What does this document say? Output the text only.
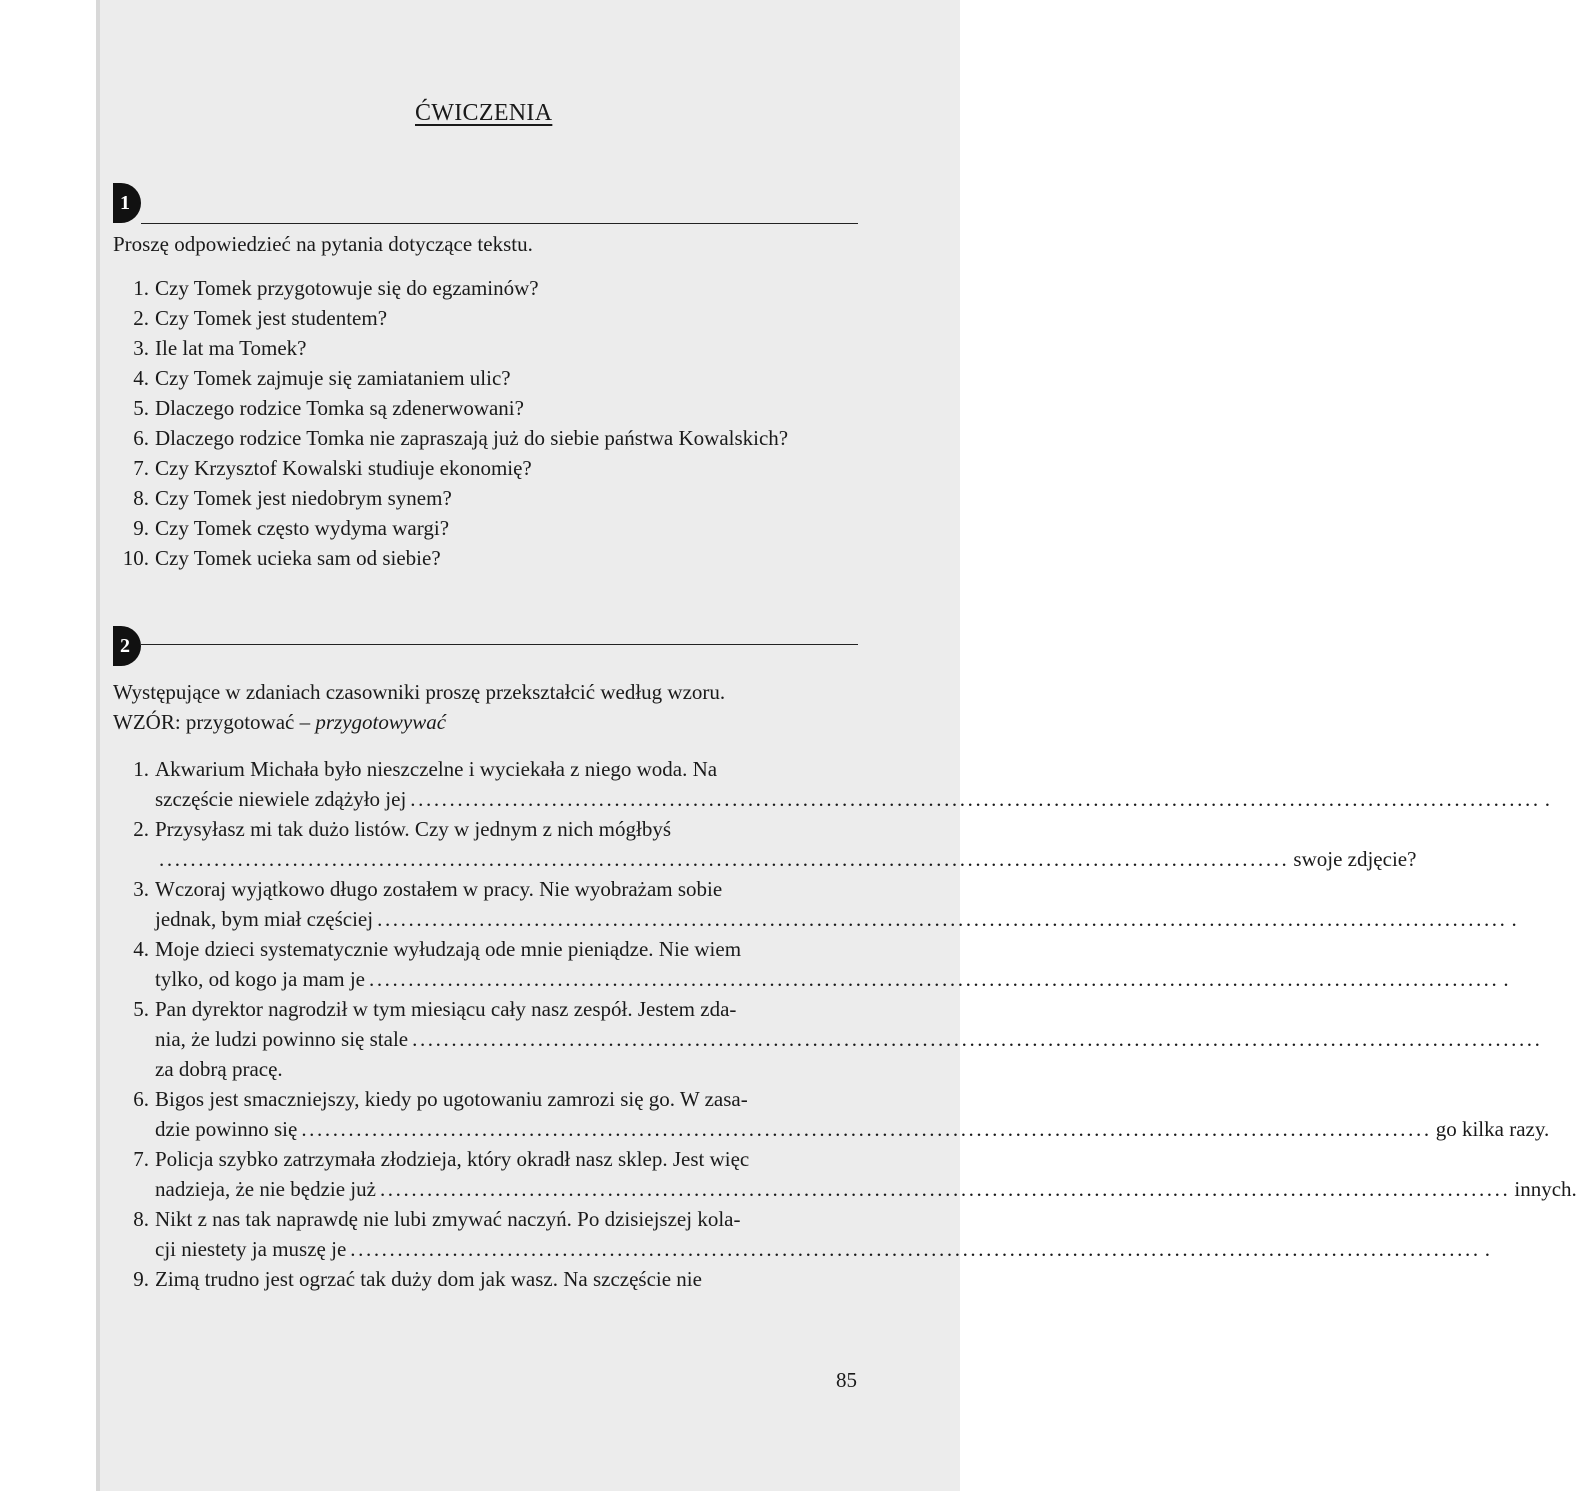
ĆWICZENIA
1
Proszę odpowiedzieć na pytania dotyczące tekstu.
1. Czy Tomek przygotowuje się do egzaminów?
2. Czy Tomek jest studentem?
3. Ile lat ma Tomek?
4. Czy Tomek zajmuje się zamiataniem ulic?
5. Dlaczego rodzice Tomka są zdenerwowani?
6. Dlaczego rodzice Tomka nie zapraszają już do siebie państwa Kowalskich?
7. Czy Krzysztof Kowalski studiuje ekonomię?
8. Czy Tomek jest niedobrym synem?
9. Czy Tomek często wydyma wargi?
10. Czy Tomek ucieka sam od siebie?
2
Występujące w zdaniach czasowniki proszę przekształcić według wzoru.
WZÓR: przygotować – przygotowywać
1. Akwarium Michała było nieszczelne i wyciekała z niego woda. Na
szczęście niewiele zdążyło jej .....	.
2. Przysyłasz mi tak dużo listów. Czy w jednym z nich mógłbyś
.....
swoje zdjęcie?
3. Wczoraj wyjątkowo długo zostałem w pracy. Nie wyobrażam sobie
jednak, bym miał częściej .....	.
4. Moje dzieci systematycznie wyłudzają ode mnie pieniądze. Nie wiem
tylko, od kogo ja mam je .....	.
5. Pan dyrektor nagrodził w tym miesiącu cały nasz zespół. Jestem zda-
nia, że ludzi powinno się stale
.....
za dobrą pracę.
6. Bigos jest smaczniejszy, kiedy po ugotowaniu zamrozi się go. W zasa-
dzie powinno się .....	go kilka razy.
7. Policja szybko zatrzymała złodzieja, który okradł nasz sklep. Jest więc
nadzieja, że nie będzie już .....	innych.
8. Nikt z nas tak naprawdę nie lubi zmywać naczyń. Po dzisiejszej kola-
cji niestety ja muszę je .....	.
9. Zimą trudno jest ogrzać tak duży dom jak wasz. Na szczęście nie
85
